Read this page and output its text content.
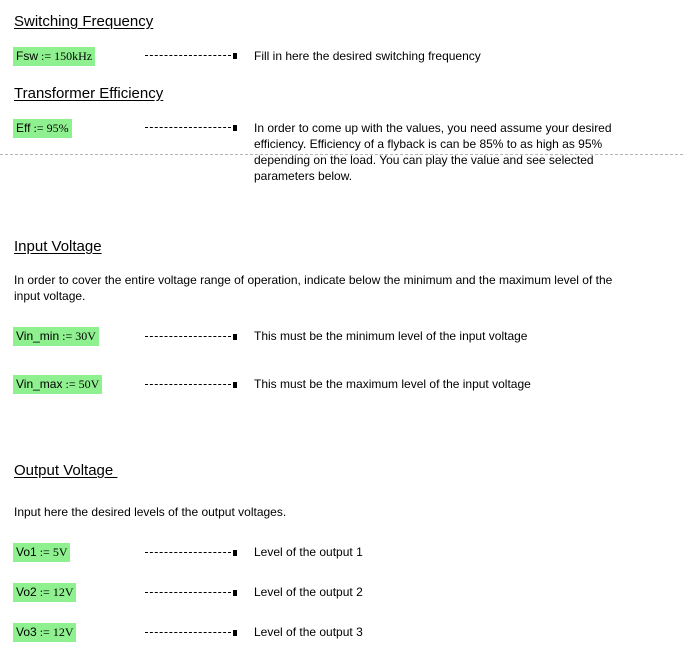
Switching Frequency
Fsw := 150kHz	Fill in here the desired switching frequency
Transformer Efficiency
Eff := 95%	In order to come up with the values, you need assume your desired
efficiency. Efficiency of a flyback is can be 85% to as high as 95%
depending on the load. You can play the value and see selected
parameters below.
Input Voltage
In order to cover the entire voltage range of operation, indicate below the minimum and the maximum level of the
input voltage.
Vin_min := 30V	This must be the minimum level of the input voltage
Vin_max := 50V	This must be the maximum level of the input voltage
Output Voltage
Input here the desired levels of the output voltages.
Vo1 := 5V	Level of the output 1
Vo2 := 12V	Level of the output 2
Vo3 := 12V	Level of the output 3
